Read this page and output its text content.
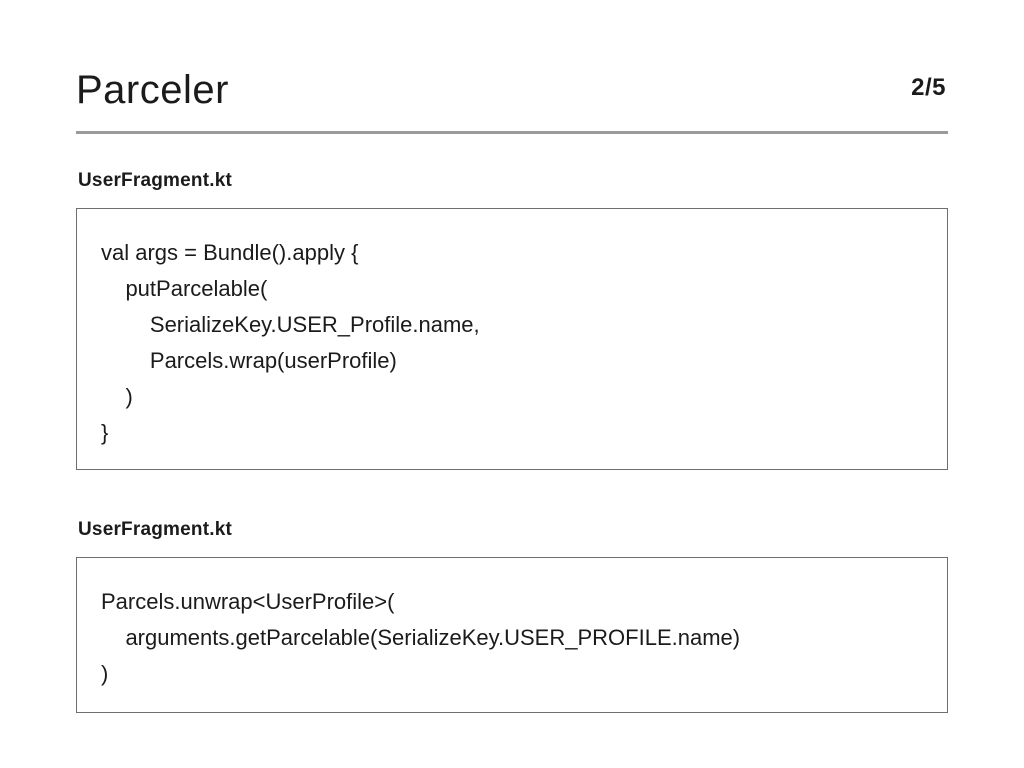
Parceler	2/5
UserFragment.kt
val args = Bundle().apply {
putParcelable(
SerializeKey.USER_Profile.name,
Parcels.wrap(userProfile)
)
}
UserFragment.kt
Parcels.unwrap<UserProfile>(
arguments.getParcelable(SerializeKey.USER_PROFILE.name)
)
